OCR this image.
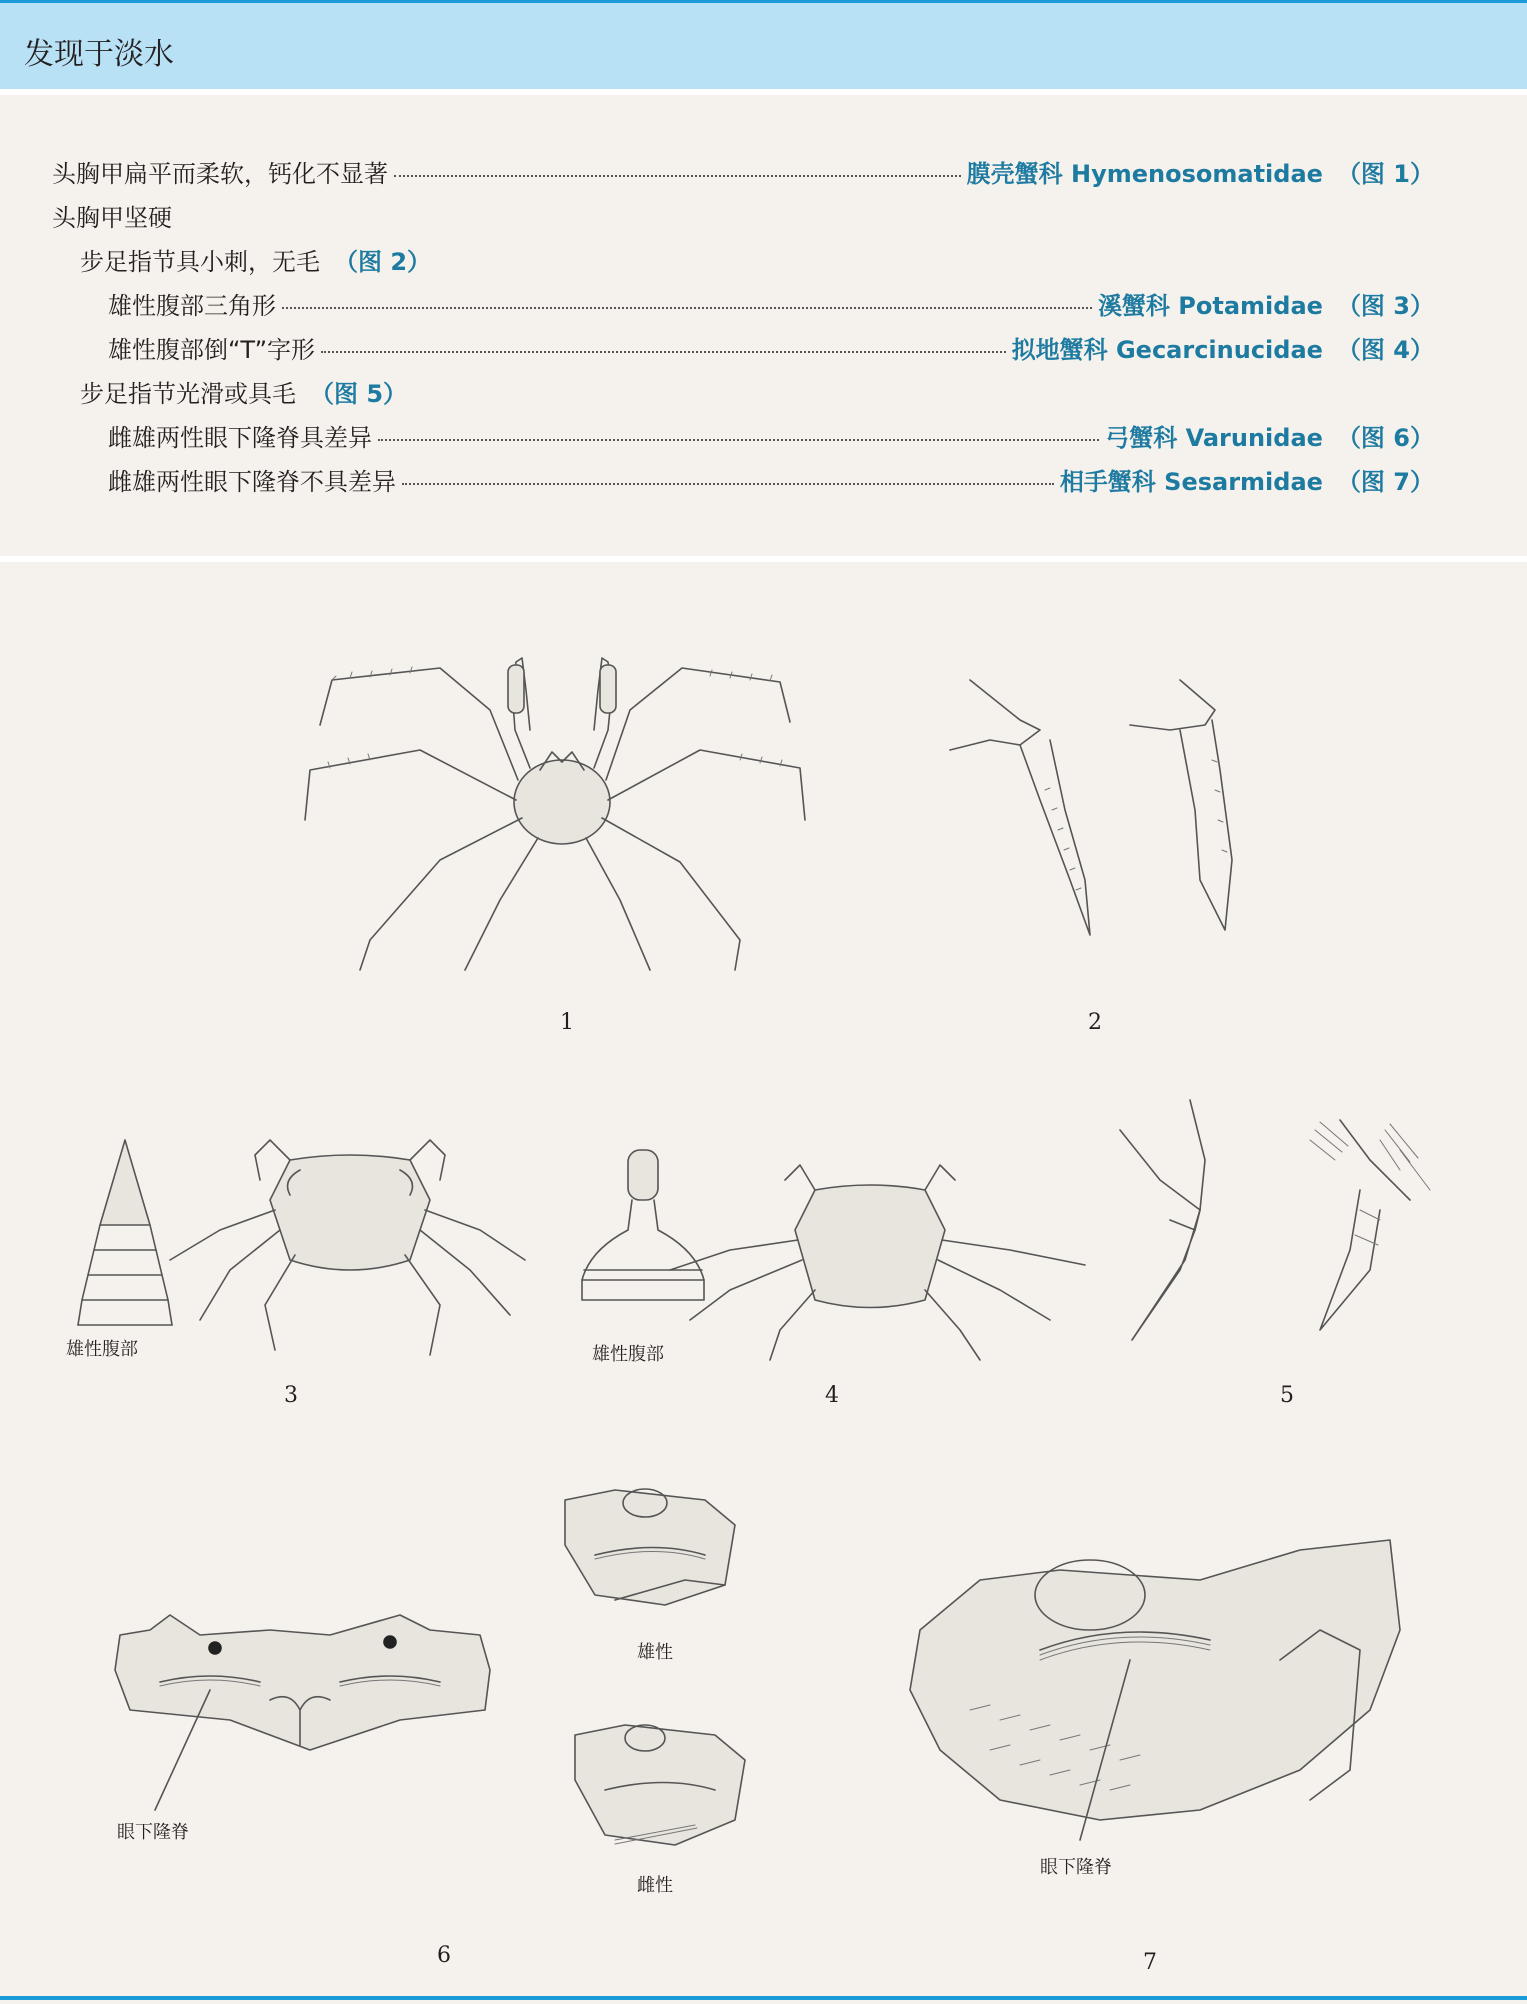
发现于淡水
头胸甲扁平而柔软，钙化不显著	膜壳蟹科 Hymenosomatidae （图 1）
头胸甲坚硬
步足指节具小刺，无毛 （图 2）
雄性腹部三角形	溪蟹科 Potamidae （图 3）
雄性腹部倒“T”字形	拟地蟹科 Gecarcinucidae （图 4）
步足指节光滑或具毛 （图 5）
雌雄两性眼下隆脊具差异	弓蟹科 Varunidae （图 6）
雌雄两性眼下隆脊不具差异	相手蟹科 Sesarmidae （图 7）
1	2
雄性腹部
3
雄性腹部
4	5
眼下隆脊
雄性
雌性
6
眼下隆脊
7
